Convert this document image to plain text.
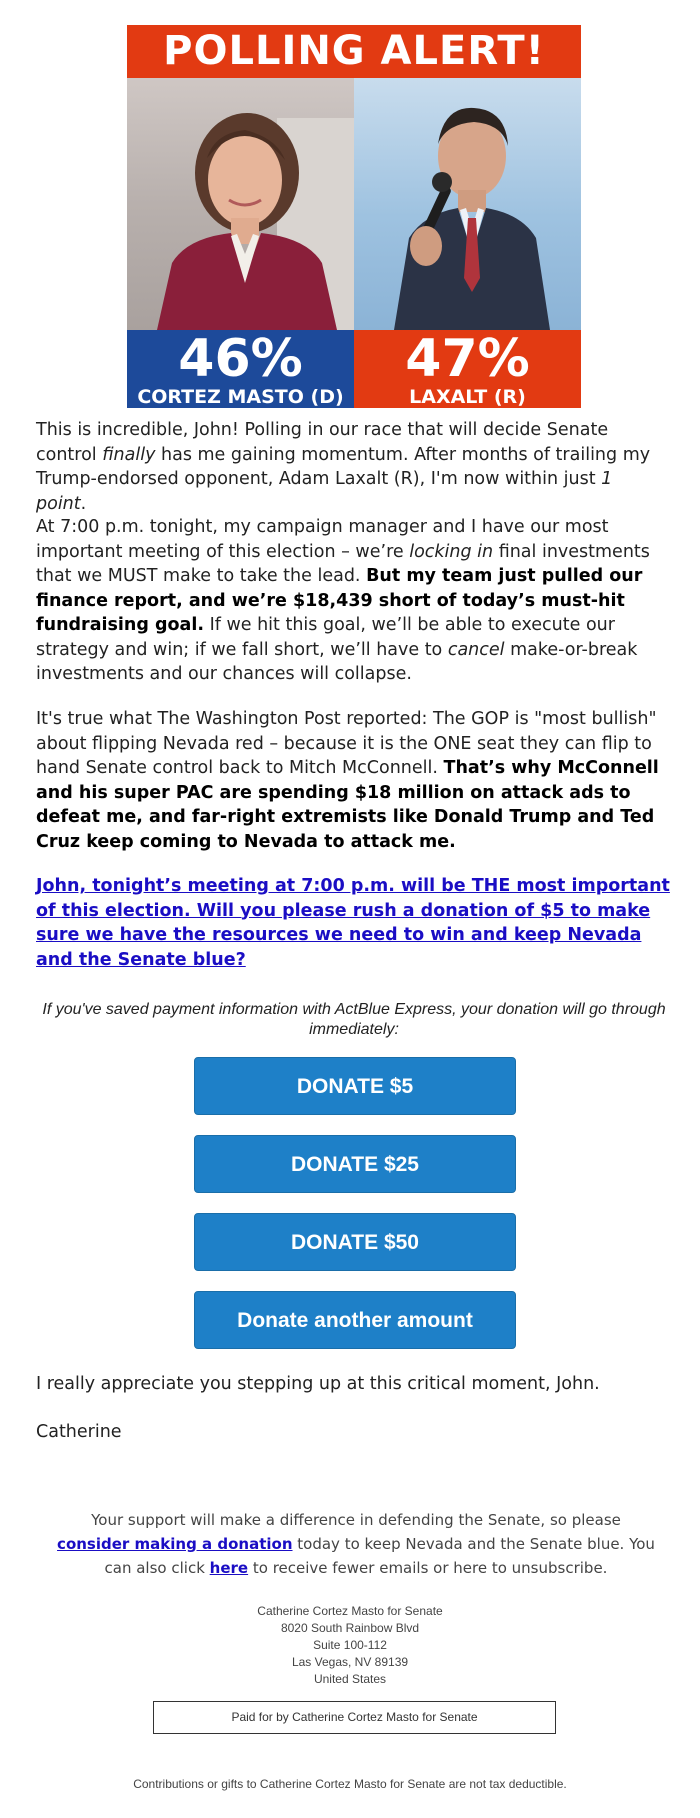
POLLING ALERT!
46%
CORTEZ MASTO (D)
47%
LAXALT (R)

This is incredible, John! Polling in our race that will decide Senate control finally has me gaining momentum. After months of trailing my Trump-endorsed opponent, Adam Laxalt (R), I'm now within just 1 point.

At 7:00 p.m. tonight, my campaign manager and I have our most important meeting of this election – we’re locking in final investments that we MUST make to take the lead. But my team just pulled our finance report, and we’re $18,439 short of today’s must-hit fundraising goal. If we hit this goal, we’ll be able to execute our strategy and win; if we fall short, we’ll have to cancel make-or-break investments and our chances will collapse.

It's true what The Washington Post reported: The GOP is "most bullish" about flipping Nevada red – because it is the ONE seat they can flip to hand Senate control back to Mitch McConnell. That’s why McConnell and his super PAC are spending $18 million on attack ads to defeat me, and far-right extremists like Donald Trump and Ted Cruz keep coming to Nevada to attack me.

John, tonight’s meeting at 7:00 p.m. will be THE most important of this election. Will you please rush a donation of $5 to make sure we have the resources we need to win and keep Nevada and the Senate blue?
If you've saved payment information with ActBlue Express, your donation will go through immediately:
DONATE $5
DONATE $25
DONATE $50
Donate another amount
I really appreciate you stepping up at this critical moment, John.
Catherine
Your support will make a difference in defending the Senate, so please consider making a donation today to keep Nevada and the Senate blue. You can also click here to receive fewer emails or here to unsubscribe.
Catherine Cortez Masto for Senate
8020 South Rainbow Blvd
Suite 100-112
Las Vegas, NV 89139
United States
Paid for by Catherine Cortez Masto for Senate
Contributions or gifts to Catherine Cortez Masto for Senate are not tax deductible.
